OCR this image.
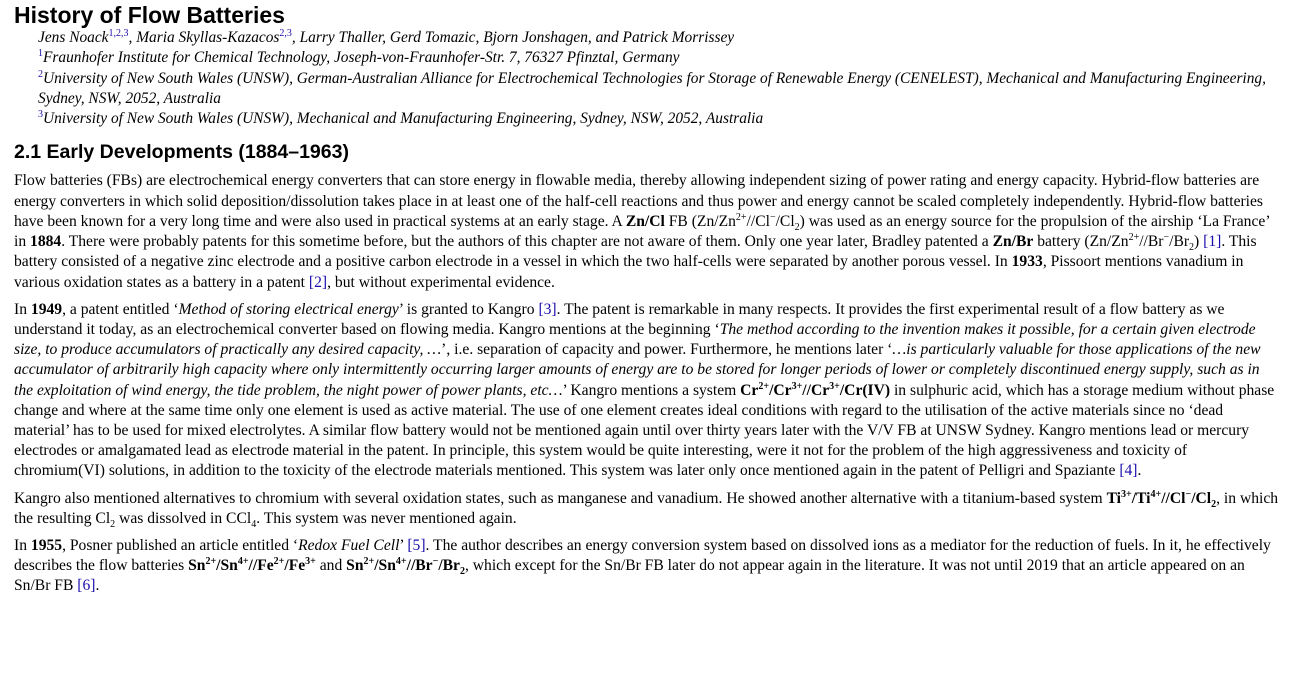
History of Flow Batteries
Jens Noack$^{1,2,3}$, Maria Skyllas-Kazacos$^{2,3}$, Larry Thaller, Gerd Tomazic, Bjorn Jonshagen, and Patrick Morrissey
$^1$Fraunhofer Institute for Chemical Technology, Joseph-von-Fraunhofer-Str. 7, 76327 Pfinztal, Germany
$^2$University of New South Wales (UNSW), German-Australian Alliance for Electrochemical Technologies for Storage of Renewable Energy (CENELEST), Mechanical and Manufacturing Engineering, Sydney, NSW, 2052, Australia
$^3$University of New South Wales (UNSW), Mechanical and Manufacturing Engineering, Sydney, NSW, 2052, Australia
2.1 Early Developments (1884–1963)

Flow batteries (FBs) are electrochemical energy converters that can store energy in flowable media, thereby allowing independent sizing of power rating and energy capacity. Hybrid-flow batteries are energy converters in which solid deposition/dissolution takes place in at least one of the half-cell reactions and thus power and energy cannot be scaled completely independently. Hybrid-flow batteries have been known for a very long time and were also used in practical systems at an early stage. A Zn/Cl FB $(Zn/Zn^{2+}//Cl^-/Cl_2)$ was used as an energy source for the propulsion of the airship ‘La France’ in 1884. There were probably patents for this sometime before, but the authors of this chapter are not aware of them. Only one year later, Bradley patented a Zn/Br battery $(Zn/Zn^{2+}//Br^-/Br_2)$ [1]. This battery consisted of a negative zinc electrode and a positive carbon electrode in a vessel in which the two half-cells were separated by another porous vessel. In 1933, Pissoort mentions vanadium in various oxidation states as a battery in a patent [2], but without experimental evidence.

In 1949, a patent entitled ‘Method of storing electrical energy’ is granted to Kangro [3]. The patent is remarkable in many respects. It provides the first experimental result of a flow battery as we understand it today, as an electrochemical converter based on flowing media. Kangro mentions at the beginning ‘The method according to the invention makes it possible, for a certain given electrode size, to produce accumulators of practically any desired capacity, …’, i.e. separation of capacity and power. Furthermore, he mentions later ‘…is particularly valuable for those applications of the new accumulator of arbitrarily high capacity where only intermittently occurring larger amounts of energy are to be stored for longer periods of lower or completely discontinued energy supply, such as in the exploitation of wind energy, the tide problem, the night power of power plants, etc…’ Kangro mentions a system $Cr^{2+}/Cr^{3+}//Cr^{3+}/Cr(IV)$ in sulphuric acid, which has a storage medium without phase change and where at the same time only one element is used as active material. The use of one element creates ideal conditions with regard to the utilisation of the active materials since no ‘dead material’ has to be used for mixed electrolytes. A similar flow battery would not be mentioned again until over thirty years later with the V/V FB at UNSW Sydney. Kangro mentions lead or mercury electrodes or amalgamated lead as electrode material in the patent. In principle, this system would be quite interesting, were it not for the problem of the high aggressiveness and toxicity of chromium(VI) solutions, in addition to the toxicity of the electrode materials mentioned. This system was later only once mentioned again in the patent of Pelligri and Spaziante [4].

Kangro also mentioned alternatives to chromium with several oxidation states, such as manganese and vanadium. He showed another alternative with a titanium-based system $Ti^{3+}/Ti^{4+}//Cl^-/Cl_2$, in which the resulting $Cl_2$ was dissolved in CCl$_4$. This system was never mentioned again.

In 1955, Posner published an article entitled ‘Redox Fuel Cell’ [5]. The author describes an energy conversion system based on dissolved ions as a mediator for the reduction of fuels. In it, he effectively describes the flow batteries $Sn^{2+}/Sn^{4+}//Fe^{2+}/Fe^{3+}$ and $Sn^{2+}/Sn^{4+}//Br^-/Br_2$, which except for the Sn/Br FB later do not appear again in the literature. It was not until 2019 that an article appeared on an Sn/Br FB [6].
